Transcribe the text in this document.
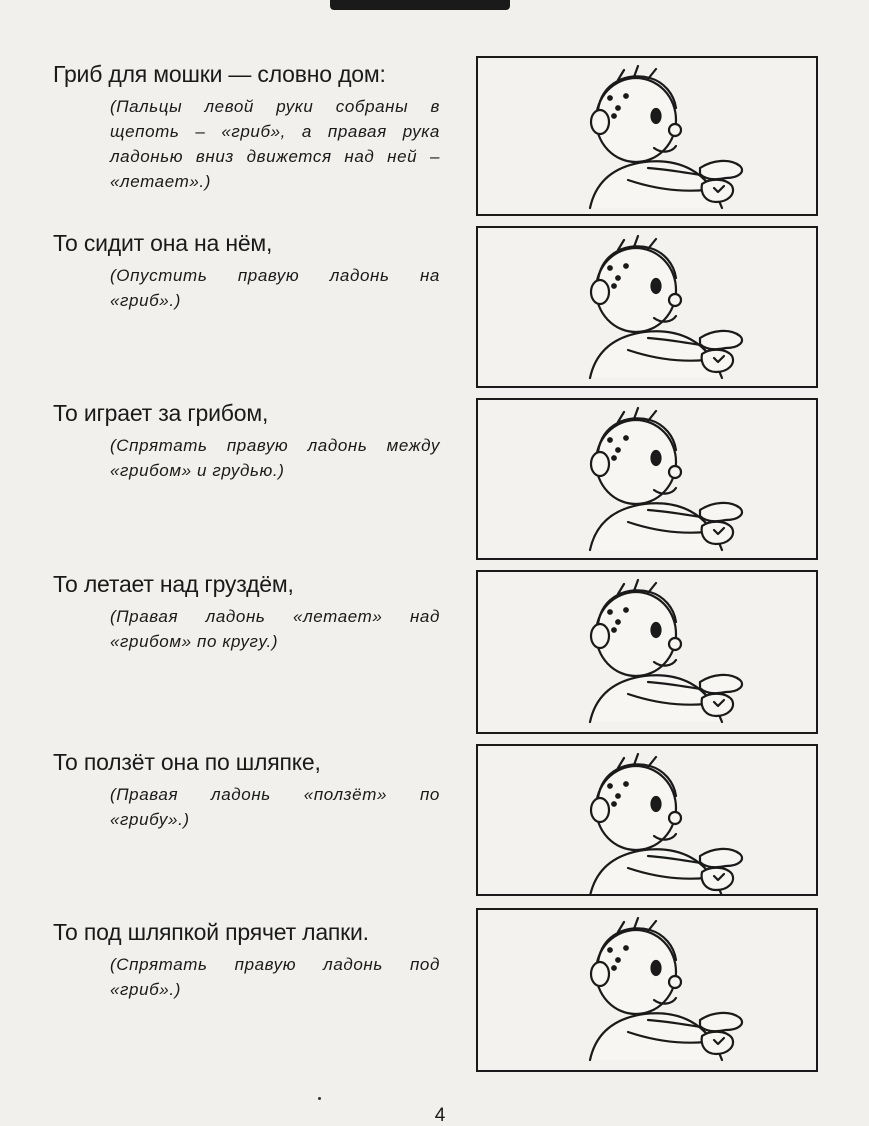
Гриб для мошки — словно дом:
(Пальцы левой руки собраны в щепоть – «гриб», а правая рука ладонью вниз движется над ней – «летает».)
То сидит она на нём,
(Опустить правую ладонь на «гриб».)
То играет за грибом,
(Спрятать правую ладонь между «грибом» и грудью.)
То летает над груздём,
(Правая ладонь «летает» над «грибом» по кругу.)
То ползёт она по шляпке,
(Правая ладонь «ползёт» по «грибу».)
То под шляпкой прячет лапки.
(Спрятать правую ладонь под «гриб».)
4
